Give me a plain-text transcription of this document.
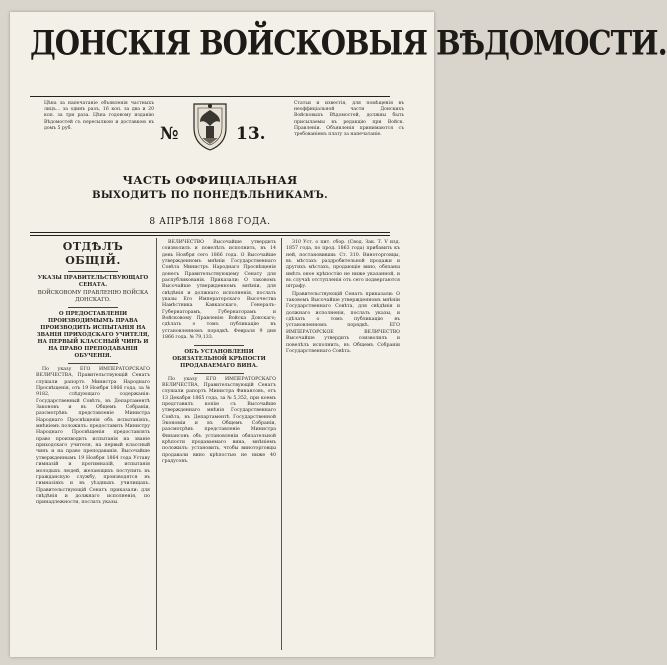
ДОНСКІЯ ВОЙСКОВЫЯ ВѢДОМОСТИ.
Цѣна за напечатаніе объявленія частныхъ лицъ... за одинъ разъ, 16 коп. за два и 20 коп. за три раза. Цѣна годовому изданію Вѣдомостей съ пересылкою и доставкою въ домъ 5 руб.
Статьи и известія, для помѣщенія въ неоффиціальной части Донскихъ Войсковыхъ Вѣдомостей, должны быть присылаемы въ редакцію при Войск. Правленіи. Объявленія принимаются съ требованіемъ плату за напечатаніе.
№	13.
ЧАСТЬ ОФФИЦІАЛЬНАЯ
ВЫХОДИТЪ ПО ПОНЕДѢЛЬНИКАМЪ.
8 АПРѢЛЯ 1868 ГОДА.

ОТДѢЛЪ ОБЩІЙ.

УКАЗЫ ПРАВИТЕЛЬСТВУЮЩАГО СЕНАТА.

ВОЙСКОВОМУ ПРАВЛЕНІЮ ВОЙСКА ДОНСКАГО.

О ПРЕДОСТАВЛЕНІИ ПРОИЗВОДИМЫМЪ ПРАВА ПРОИЗВОДИТЬ ИСПЫТАНІЯ НА ЗВАНІЯ ПРИХОДСКАГО УЧИТЕЛЯ, НА ПЕРВЫЙ КЛАССНЫЙ ЧИНЪ И НА ПРАВО ПРЕПОДАВАНІЯ ОБУЧЕНІЯ.

По указу ЕГО ИМПЕРАТОРСКАГО ВЕЛИЧЕСТВА, Правительствующій Сенатъ слушали рапортъ Министра Народнаго Просвѣщенія, отъ 19 Ноября 1866 года, за № 9182, слѣдующаго содержанія: Государственный Совѣтъ, въ Департаментѣ Законовъ и въ Общемъ Собраніи, разсмотрѣвъ представленіе Министра Народнаго Просвѣщенія объ испытаніяхъ, мнѣніемъ положилъ: предоставить Министру Народнаго Просвѣщенія предоставлять право производить испытанія на званіе приходскаго учителя, на первый классный чинъ и на право преподаванія. Высочайше утвержденнымъ 19 Ноября 1864 года Уставу гимназій и прогимназій, испытанія молодыхъ людей, желающихъ поступить въ гражданскую службу, производятся въ гимназіяхъ и въ уѣздныхъ училищахъ. Правительствующій Сенатъ приказали: для свѣдѣнія и должнаго исполненія, по принадлежности, послать указы.

ВЕЛИЧЕСТВО Высочайше утвердить соизволилъ и повелѣлъ исполнить, въ 14 день Ноября сего 1866 года. О Высочайше утвержденномъ мнѣніи Государственнаго Совѣта Министръ Народнаго Просвѣщенія донесъ Правительствующему Сенату для распубликованія. Приказали: О таковомъ Высочайше утвержденномъ мнѣніи, для свѣдѣнія и должнаго исполненія, послать указы Его Императорскаго Высочества Намѣстника Кавказскаго, Генералъ-Губернаторамъ, Губернаторамъ и Войсковому Правленію Войска Донскаго; сдѣлать о томъ публикацію въ установленномъ порядкѣ. Февраля 9 дня 1866 года. № 79,133.

ОБЪ УСТАНОВЛЕНІИ ОБЯЗАТЕЛЬНОЙ КРѢПОСТИ ПРОДАВАЕМАГО ВИНА.

По указу ЕГО ИМПЕРАТОРСКАГО ВЕЛИЧЕСТВА, Правительствующій Сенатъ слушали рапортъ Министра Финансовъ, отъ 13 Декабря 1865 года, за № 5,352, при коемъ представилъ копію съ Высочайше утвержденнаго мнѣнія Государственнаго Совѣта, въ Департаментѣ Государственной Экономіи и въ Общемъ Собраніи, разсмотрѣвъ представленіе Министра Финансовъ объ установленіи обязательной крѣпости продаваемаго вина, мнѣніемъ положилъ: установить, чтобы виноторговцы продавали вино крѣпостью не ниже 40 градусовъ.

310 Уст. о пит. сбор. (Свод. Зак. Т. V изд. 1857 года, по прод. 1863 года) прибавить къ ней, постановивши: Ст. 310. Виноторговцы, въ мѣстахъ раздробительной продажи и другихъ мѣстахъ, продающіе вино, обязаны имѣть оное крѣпостію не ниже указанной, и въ случаѣ отступленія отъ сего подвергаются штрафу.

Правительствующій Сенатъ приказали: О таковомъ Высочайше утвержденномъ мнѣніи Государственнаго Совѣта, для свѣдѣнія и должнаго исполненія, послать указы, и сдѣлать о томъ публикацію въ установленномъ порядкѣ. ЕГО ИМПЕРАТОРСКОЕ ВЕЛИЧЕСТВО Высочайше утвердить соизволилъ и повелѣлъ исполнить, въ Общемъ Собраніи Государственнаго Совѣта.
